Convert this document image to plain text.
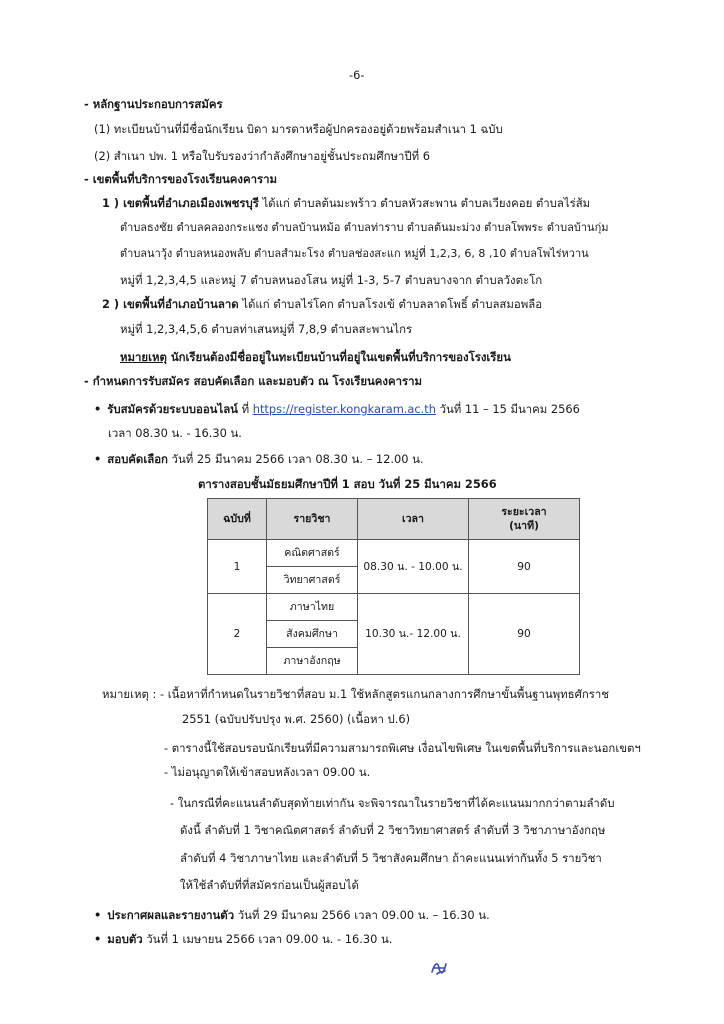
-6-
- หลักฐานประกอบการสมัคร
(1) ทะเบียนบ้านที่มีชื่อนักเรียน บิดา มารดาหรือผู้ปกครองอยู่ด้วยพร้อมสำเนา 1 ฉบับ
(2) สำเนา ปพ. 1 หรือใบรับรองว่ากำลังศึกษาอยู่ชั้นประถมศึกษาปีที่ 6
- เขตพื้นที่บริการของโรงเรียนคงคาราม
1 ) เขตพื้นที่อำเภอเมืองเพชรบุรี ได้แก่ ตำบลต้นมะพร้าว ตำบลหัวสะพาน ตำบลเวียงคอย ตำบลไร่ส้ม
ตำบลธงชัย ตำบลคลองกระแชง ตำบลบ้านหม้อ ตำบลท่าราบ ตำบลต้นมะม่วง ตำบลโพพระ ตำบลบ้านกุ่ม
ตำบลนาวุ้ง ตำบลหนองพลับ ตำบลสำมะโรง ตำบลช่องสะแก หมู่ที่ 1,2,3, 6, 8 ,10 ตำบลโพไร่หวาน
หมู่ที่ 1,2,3,4,5 และหมู่ 7 ตำบลหนองโสน หมู่ที่ 1-3, 5-7 ตำบลบางจาก ตำบลวังตะโก
2 ) เขตพื้นที่อำเภอบ้านลาด ได้แก่ ตำบลไร่โคก ตำบลโรงเข้ ตำบลลาดโพธิ์ ตำบลสมอพลือ
หมู่ที่ 1,2,3,4,5,6 ตำบลท่าเสนหมู่ที่ 7,8,9 ตำบลสะพานไกร
หมายเหตุ นักเรียนต้องมีชื่ออยู่ในทะเบียนบ้านที่อยู่ในเขตพื้นที่บริการของโรงเรียน
- กำหนดการรับสมัคร สอบคัดเลือก และมอบตัว ณ โรงเรียนคงคาราม
• รับสมัครด้วยระบบออนไลน์ ที่ https://register.kongkaram.ac.th วันที่ 11 – 15 มีนาคม 2566
เวลา 08.30 น. - 16.30 น.
• สอบคัดเลือก วันที่ 25 มีนาคม 2566 เวลา 08.30 น. – 12.00 น.
ตารางสอบชั้นมัธยมศึกษาปีที่ 1 สอบ วันที่ 25 มีนาคม 2566
ฉบับที่	รายวิชา	เวลา	ระยะเวลา
(นาที)
1	คณิตศาสตร์	08.30 น. - 10.00 น.	90
	วิทยาศาสตร์		
2	ภาษาไทย	10.30 น.- 12.00 น.	90
	สังคมศึกษา		
	ภาษาอังกฤษ		
หมายเหตุ : - เนื้อหาที่กำหนดในรายวิชาที่สอบ ม.1 ใช้หลักสูตรแกนกลางการศึกษาขั้นพื้นฐานพุทธศักราช
2551 (ฉบับปรับปรุง พ.ศ. 2560) (เนื้อหา ป.6)
- ตารางนี้ใช้สอบรอบนักเรียนที่มีความสามารถพิเศษ เงื่อนไขพิเศษ ในเขตพื้นที่บริการและนอกเขตฯ
- ไม่อนุญาตให้เข้าสอบหลังเวลา 09.00 น.
- ในกรณีที่คะแนนลำดับสุดท้ายเท่ากัน จะพิจารณาในรายวิชาที่ได้คะแนนมากกว่าตามลำดับ
ดังนี้ ลำดับที่ 1 วิชาคณิตศาสตร์ ลำดับที่ 2 วิชาวิทยาศาสตร์ ลำดับที่ 3 วิชาภาษาอังกฤษ
ลำดับที่ 4 วิชาภาษาไทย และลำดับที่ 5 วิชาสังคมศึกษา ถ้าคะแนนเท่ากันทั้ง 5 รายวิชา
ให้ใช้ลำดับที่ที่สมัครก่อนเป็นผู้สอบได้
• ประกาศผลและรายงานตัว วันที่ 29 มีนาคม 2566 เวลา 09.00 น. – 16.30 น.
• มอบตัว วันที่ 1 เมษายน 2566 เวลา 09.00 น. - 16.30 น.
